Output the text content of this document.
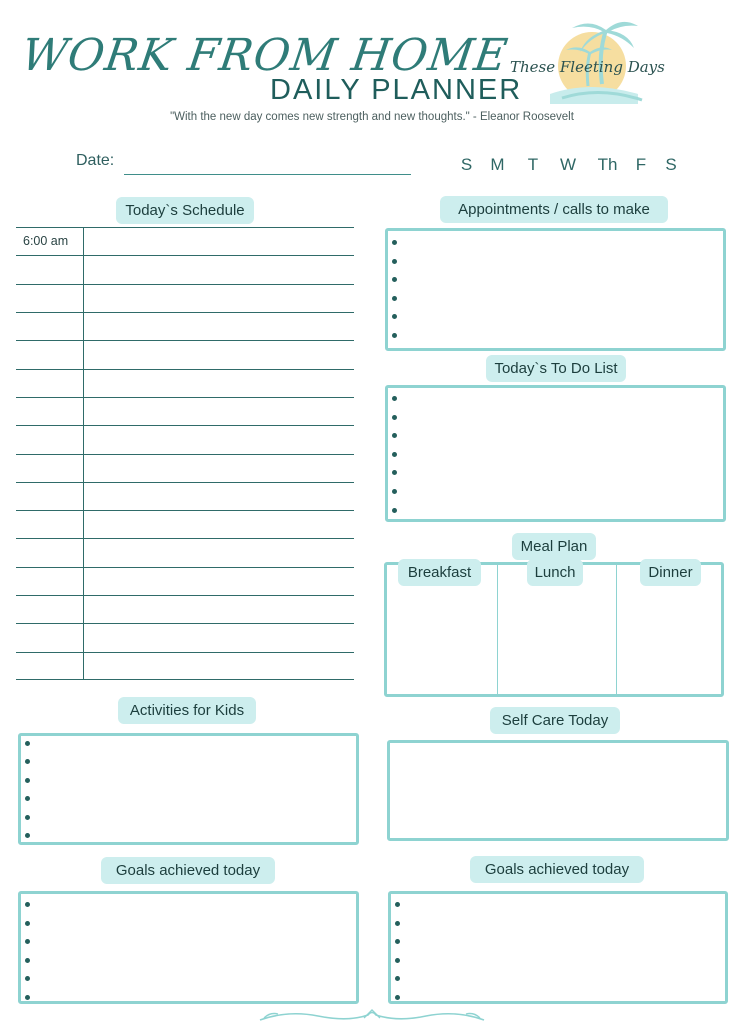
WORK FROM HOME
DAILY PLANNER
These Fleeting Days
"With the new day comes new strength and new thoughts." - Eleanor Roosevelt
Date:	S	M	T	W	Th	F	S
Today`s Schedule
6:00 am
Appointments / calls to make
Today`s To Do List
Meal Plan
Breakfast	Lunch	Dinner
Activities for Kids
Self Care Today
Goals achieved today	Goals achieved today
